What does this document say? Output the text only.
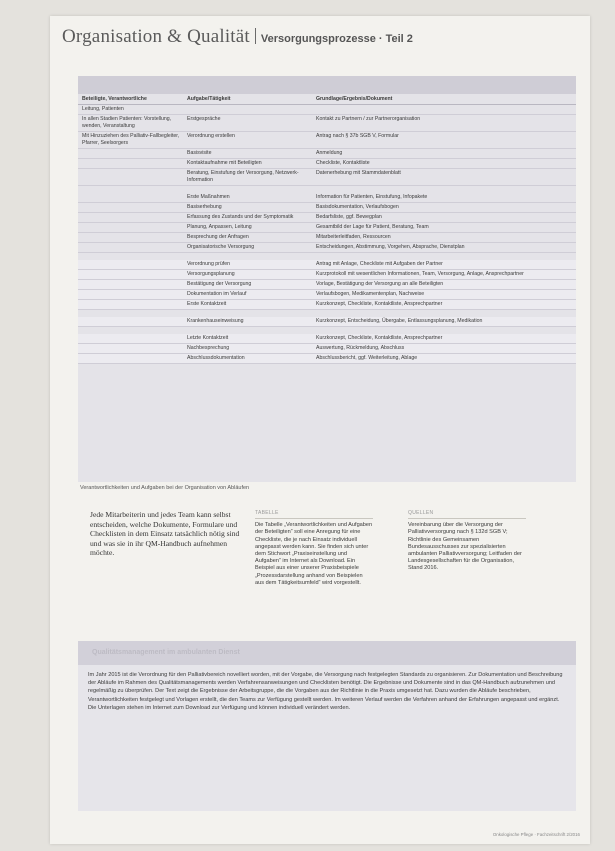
Organisation & Qualität Versorgungsprozesse · Teil 2
Beteiligte, Verantwortliche	Aufgabe/Tätigkeit	Grundlage/Ergebnis/Dokument
Leitung, Patienten		
In allen Stadien Patienten: Vorstellung, wenden, Veranstaltung	Erstgespräche	Kontakt zu Partnern / zur Partnerorganisation
Mit Hinzuziehen des Palliativ-Fallbegleiter, Pfarrer, Seelsorgers	Verordnung erstellen	Antrag nach § 37b SGB V, Formular
	Basisvisite	Anmeldung
	Kontaktaufnahme mit Beteiligten	Checkliste, Kontaktliste
	Beratung, Einstufung der Versorgung, Netzwerk-Information	Datenerhebung mit Stammdatenblatt

	Erste Maßnahmen	Information für Patienten, Einstufung, Infopakete
	Basiserhebung	Basisdokumentation, Verlaufsbogen
	Erfassung des Zustands und der Symptomatik	Bedarfsliste, ggf. Bewegplan
	Planung, Anpassen, Leitung	Gesamtbild der Lage für Patient, Beratung, Team
	Besprechung der Anfragen	Mitarbeiterleitfaden, Ressourcen
	Organisatorische Versorgung	Entscheidungen, Abstimmung, Vorgehen, Absprache, Dienstplan

	Verordnung prüfen	Antrag mit Anlage, Checkliste mit Aufgaben der Partner
	Versorgungsplanung	Kurzprotokoll mit wesentlichen Informationen, Team, Versorgung, Anlage, Ansprechpartner
	Bestätigung der Versorgung	Vorlage, Bestätigung der Versorgung an alle Beteiligten
	Dokumentation im Verlauf	Verlaufsbogen, Medikamentenplan, Nachweise
	Erste Kontaktzeit	Kurzkonzept, Checkliste, Kontaktliste, Ansprechpartner

	Krankenhauseinweisung	Kurzkonzept, Entscheidung, Übergabe, Entlassungsplanung, Medikation

	Letzte Kontaktzeit	Kurzkonzept, Checkliste, Kontaktliste, Ansprechpartner
	Nachbesprechung	Auswertung, Rückmeldung, Abschluss
	Abschlussdokumentation	Abschlussbericht, ggf. Weiterleitung, Ablage
Verantwortlichkeiten und Aufgaben bei der Organisation von Abläufen
Jede Mitarbeiterin und jedes Team kann selbst entscheiden, welche Dokumente, Formulare und Checklisten in dem Einsatz tatsächlich nötig sind und was sie in ihr QM-Handbuch aufnehmen möchte.
TABELLE
Die Tabelle „Verantwortlichkeiten und Aufgaben der Beteiligten“ soll eine Anregung für eine Checkliste, die je nach Einsatz individuell angepasst werden kann. Sie finden sich unter dem Stichwort „Praxiseinstellung und Aufgaben“ im Internet als Download. Ein Beispiel aus einer unserer Praxisbeispiele „Prozessdarstellung anhand von Beispielen aus dem Tätigkeitsumfeld“ wird vorgestellt.
QUELLEN
Vereinbarung über die Versorgung der Palliativversorgung nach § 132d SGB V; Richtlinie des Gemeinsamen Bundesausschusses zur spezialisierten ambulanten Palliativversorgung; Leitfaden der Landesgesellschaften für die Organisation, Stand 2016.
Qualitätsmanagement im ambulanten Dienst
Im Jahr 2015 ist die Verordnung für den Palliativbereich novelliert worden, mit der Vorgabe, die Versorgung nach festgelegten Standards zu organisieren. Zur Dokumentation und Beschreibung der Abläufe im Rahmen des Qualitätsmanagements werden Verfahrensanweisungen und Checklisten benötigt. Die Ergebnisse und Dokumente sind in das QM-Handbuch aufzunehmen und regelmäßig zu überprüfen. Der Text zeigt die Ergebnisse der Arbeitsgruppe, die die Vorgaben aus der Richtlinie in die Praxis umgesetzt hat. Dazu wurden die Abläufe beschrieben, Verantwortlichkeiten festgelegt und Vorlagen erstellt, die den Teams zur Verfügung gestellt werden. Im weiteren Verlauf werden die Verfahren anhand der Erfahrungen angepasst und ergänzt. Die Unterlagen stehen im Internet zum Download zur Verfügung und können individuell verändert werden.
Onkologische Pflege · Fachzeitschrift 2/2016
